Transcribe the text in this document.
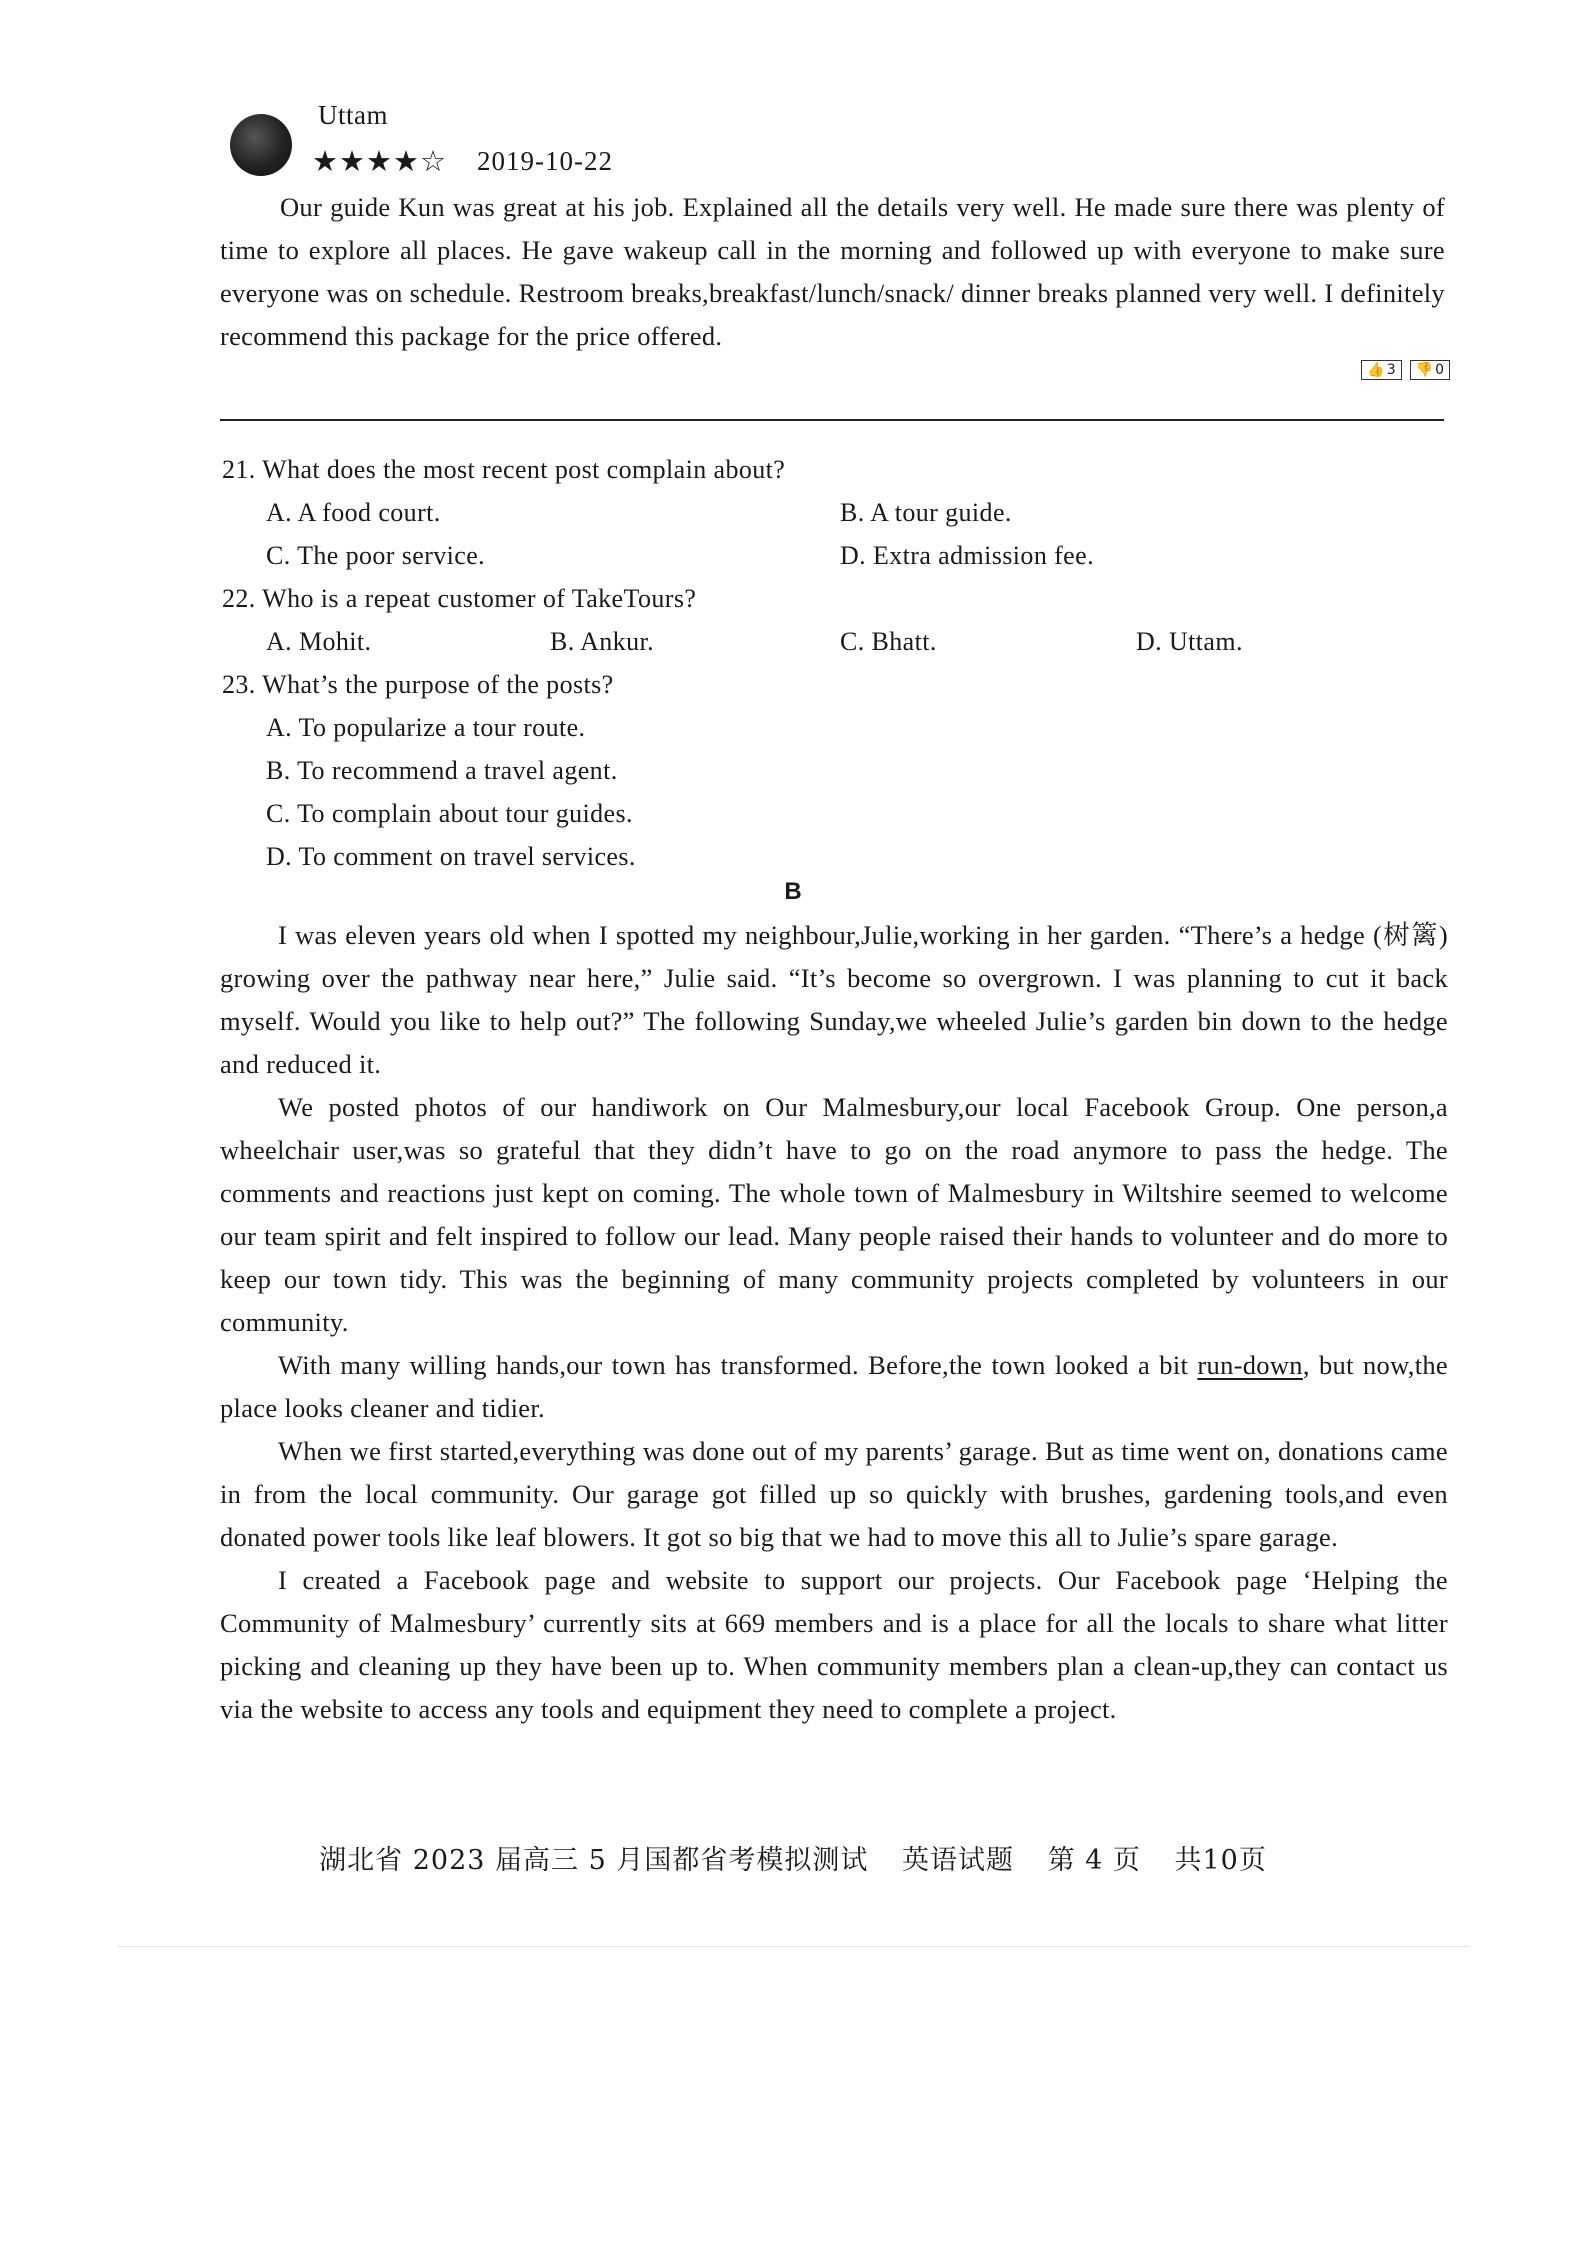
Uttam
★★★★☆ 2019-10-22
Our guide Kun was great at his job. Explained all the details very well. He made sure there was plenty of time to explore all places. He gave wakeup call in the morning and followed up with everyone to make sure everyone was on schedule. Restroom breaks,breakfast/lunch/snack/ dinner breaks planned very well. I definitely recommend this package for the price offered.
👍 3 👎 0
21. What does the most recent post complain about?
A. A food court.	B. A tour guide.
C. The poor service.	D. Extra admission fee.
22. Who is a repeat customer of TakeTours?
A. Mohit.	B. Ankur.	C. Bhatt.	D. Uttam.
23. What’s the purpose of the posts?
A. To popularize a tour route.
B. To recommend a travel agent.
C. To complain about tour guides.
D. To comment on travel services.
B

I was eleven years old when I spotted my neighbour,Julie,working in her garden. “There’s a hedge (树篱) growing over the pathway near here,” Julie said. “It’s become so overgrown. I was planning to cut it back myself. Would you like to help out?” The following Sunday,we wheeled Julie’s garden bin down to the hedge and reduced it.

We posted photos of our handiwork on Our Malmesbury,our local Facebook Group. One person,a wheelchair user,was so grateful that they didn’t have to go on the road anymore to pass the hedge. The comments and reactions just kept on coming. The whole town of Malmesbury in Wiltshire seemed to welcome our team spirit and felt inspired to follow our lead. Many people raised their hands to volunteer and do more to keep our town tidy. This was the beginning of many community projects completed by volunteers in our community.

With many willing hands,our town has transformed. Before,the town looked a bit run-down, but now,the place looks cleaner and tidier.

When we first started,everything was done out of my parents’ garage. But as time went on, donations came in from the local community. Our garage got filled up so quickly with brushes, gardening tools,and even donated power tools like leaf blowers. It got so big that we had to move this all to Julie’s spare garage.

I created a Facebook page and website to support our projects. Our Facebook page ‘Helping the Community of Malmesbury’ currently sits at 669 members and is a place for all the locals to share what litter picking and cleaning up they have been up to. When community members plan a clean-up,they can contact us via the website to access any tools and equipment they need to complete a project.

湖北省 2023 届高三 5 月国都省考模拟测试 英语试题 第 4 页 共10页
